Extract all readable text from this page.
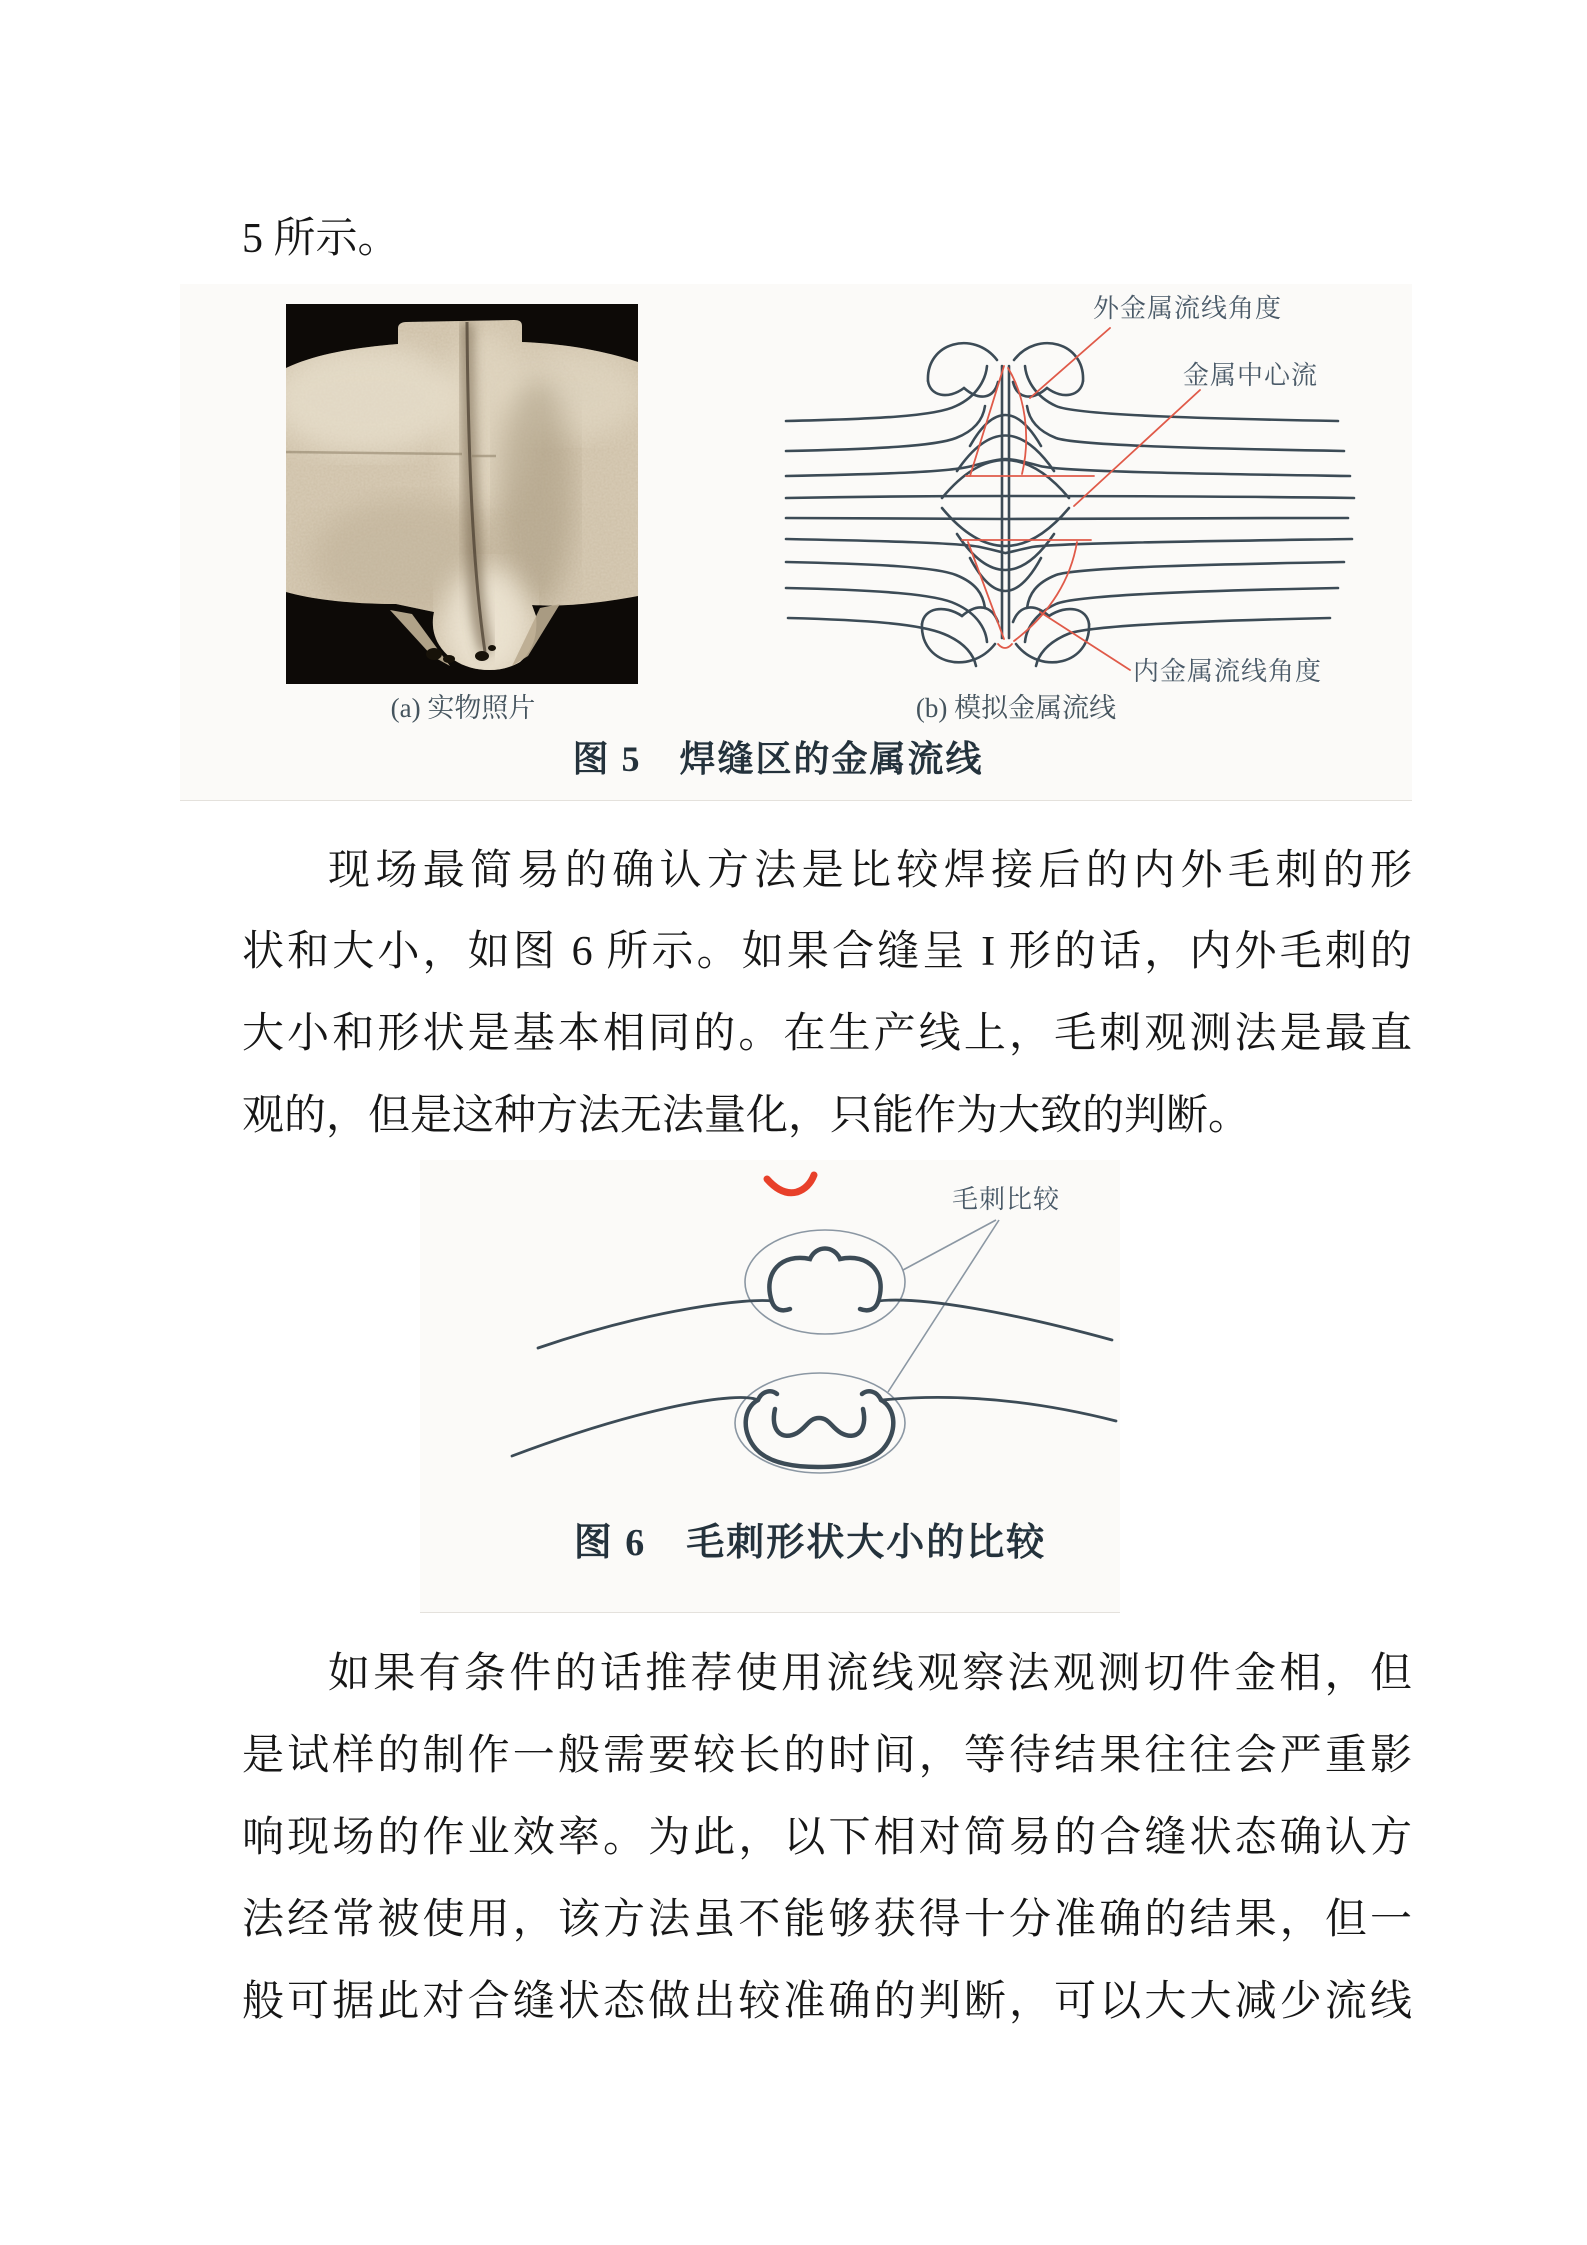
5 所示。
外金属流线角度
金属中心流
内金属流线角度
(a) 实物照片	(b) 模拟金属流线
图 5　焊缝区的金属流线
现场最简易的确认方法是比较焊接后的内外毛刺的形
状和大小，如图 6 所示。如果合缝呈 I 形的话，内外毛刺的
大小和形状是基本相同的。在生产线上，毛刺观测法是最直
观的，但是这种方法无法量化，只能作为大致的判断。
毛刺比较
图 6　毛刺形状大小的比较
如果有条件的话推荐使用流线观察法观测切件金相，但
是试样的制作一般需要较长的时间，等待结果往往会严重影
响现场的作业效率。为此，以下相对简易的合缝状态确认方
法经常被使用，该方法虽不能够获得十分准确的结果，但一
般可据此对合缝状态做出较准确的判断，可以大大减少流线
